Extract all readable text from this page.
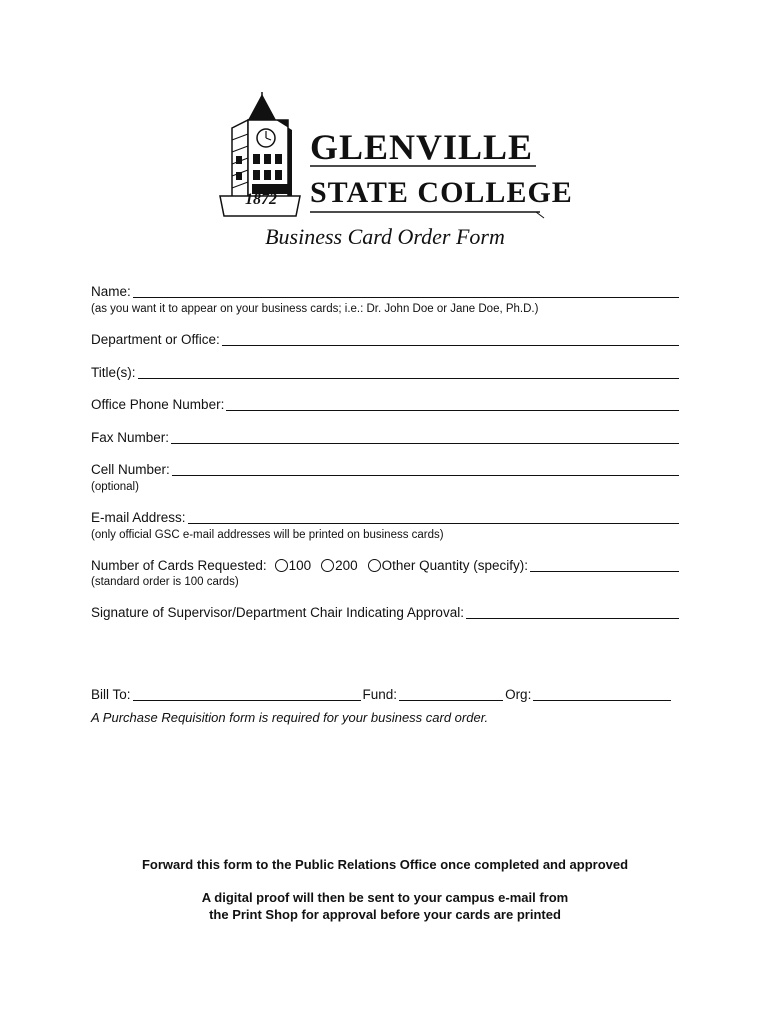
GLENVILLE
STATE COLLEGE
1872
Business Card Order Form
Name:
(as you want it to appear on your business cards; i.e.: Dr. John Doe or Jane Doe, Ph.D.)
Department or Office:
Title(s):
Office Phone Number:
Fax Number:
Cell Number:
(optional)
E-mail Address:
(only official GSC e-mail addresses will be printed on business cards)
Number of Cards Requested: 100 200 Other Quantity (specify):
(standard order is 100 cards)
Signature of Supervisor/Department Chair Indicating Approval:
Bill To:	Fund:	Org:
A Purchase Requisition form is required for your business card order.
Forward this form to the Public Relations Office once completed and approved
A digital proof will then be sent to your campus e-mail from
the Print Shop for approval before your cards are printed
